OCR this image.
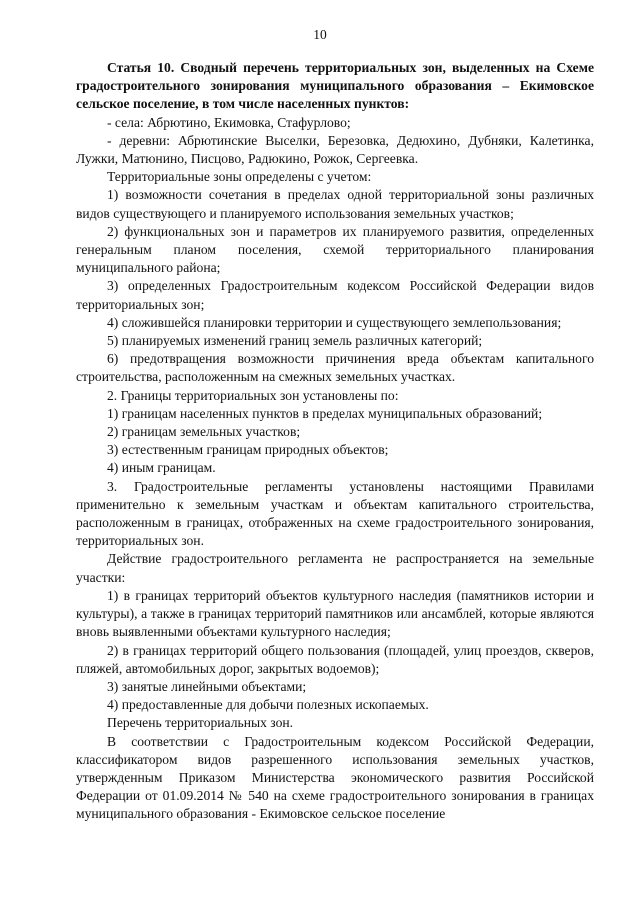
10

Статья 10. Сводный перечень территориальных зон, выделенных на Схеме градостроительного зонирования муниципального образования – Екимовское сельское поселение, в том числе населенных пунктов:

- села: Абрютино, Екимовка, Стафурлово;

- деревни: Абрютинские Выселки, Березовка, Дедюхино, Дубняки, Калетинка, Лужки, Матюнино, Писцово, Радюкино, Рожок, Сергеевка.

Территориальные зоны определены с учетом:

1) возможности сочетания в пределах одной территориальной зоны различных видов существующего и планируемого использования земельных участков;

2) функциональных зон и параметров их планируемого развития, определенных генеральным планом поселения, схемой территориального планирования муниципального района;

3) определенных Градостроительным кодексом Российской Федерации видов территориальных зон;

4) сложившейся планировки территории и существующего землепользования;

5) планируемых изменений границ земель различных категорий;

6) предотвращения возможности причинения вреда объектам капитального строительства, расположенным на смежных земельных участках.

2. Границы территориальных зон установлены по:

1) границам населенных пунктов в пределах муниципальных образований;

2) границам земельных участков;

3) естественным границам природных объектов;

4) иным границам.

3. Градостроительные регламенты установлены настоящими Правилами применительно к земельным участкам и объектам капитального строительства, расположенным в границах, отображенных на схеме градостроительного зонирования, территориальных зон.

Действие градостроительного регламента не распространяется на земельные участки:

1) в границах территорий объектов культурного наследия (памятников истории и культуры), а также в границах территорий памятников или ансамблей, которые являются вновь выявленными объектами культурного наследия;

2) в границах территорий общего пользования (площадей, улиц проездов, скверов, пляжей, автомобильных дорог, закрытых водоемов);

3) занятые линейными объектами;

4) предоставленные для добычи полезных ископаемых.

Перечень территориальных зон.

В соответствии с Градостроительным кодексом Российской Федерации, классификатором видов разрешенного использования земельных участков, утвержденным Приказом Министерства экономического развития Российской Федерации от 01.09.2014 № 540 на схеме градостроительного зонирования в границах муниципального образования - Екимовское сельское поселение
